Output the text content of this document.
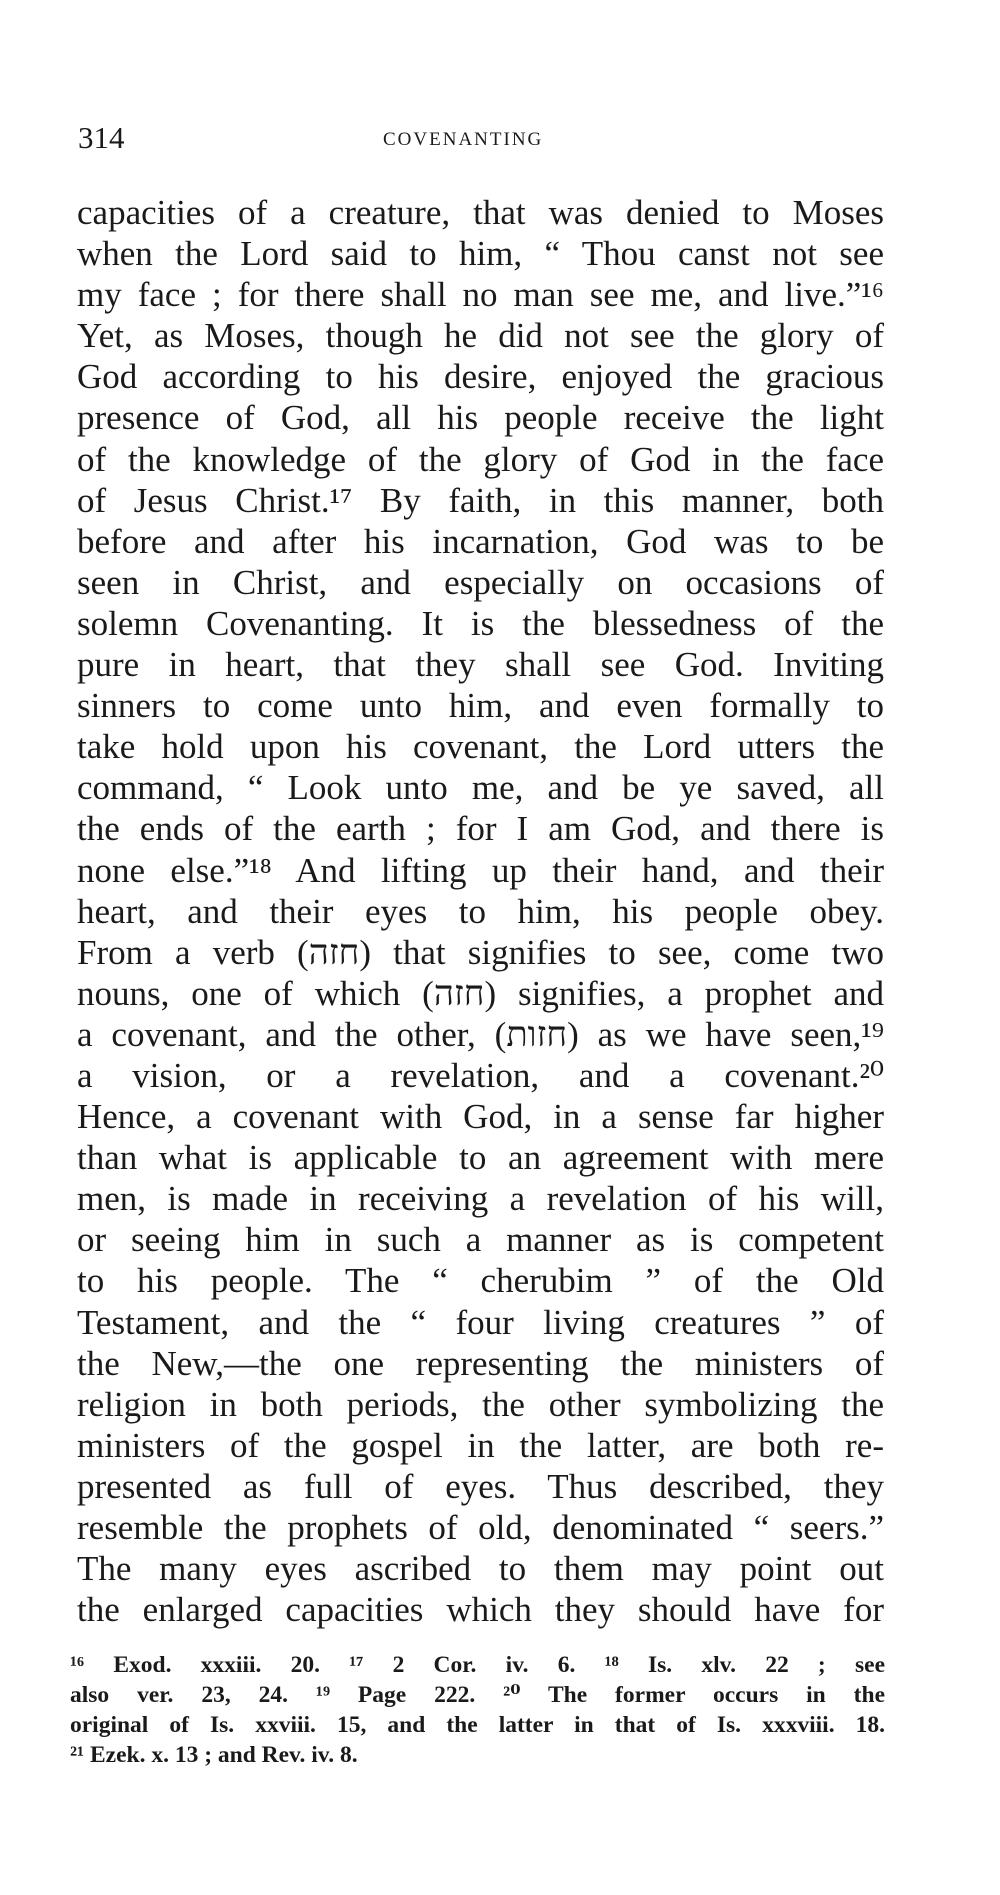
314	COVENANTING
capacities of a creature, that was denied to Moses
when the Lord said to him, “ Thou canst not see
my face ; for there shall no man see me, and live.”¹⁶
Yet, as Moses, though he did not see the glory of
God according to his desire, enjoyed the gracious
presence of God, all his people receive the light
of the knowledge of the glory of God in the face
of Jesus Christ.¹⁷ By faith, in this manner, both
before and after his incarnation, God was to be
seen in Christ, and especially on occasions of
solemn Covenanting. It is the blessedness of the
pure in heart, that they shall see God. Inviting
sinners to come unto him, and even formally to
take hold upon his covenant, the Lord utters the
command, “ Look unto me, and be ye saved, all
the ends of the earth ; for I am God, and there is
none else.”¹⁸ And lifting up their hand, and their
heart, and their eyes to him, his people obey.
From a verb (חזה) that signifies to see, come two
nouns, one of which (חזה) signifies, a prophet and
a covenant, and the other, (חזות) as we have seen,¹⁹
a vision, or a revelation, and a covenant.²⁰
Hence, a covenant with God, in a sense far higher
than what is applicable to an agreement with mere
men, is made in receiving a revelation of his will,
or seeing him in such a manner as is competent
to his people. The “ cherubim ” of the Old
Testament, and the “ four living creatures ” of
the New,—the one representing the ministers of
religion in both periods, the other symbolizing the
ministers of the gospel in the latter, are both re-
presented as full of eyes. Thus described, they
resemble the prophets of old, denominated “ seers.”
The many eyes ascribed to them may point out
the enlarged capacities which they should have for
¹⁶ Exod. xxxiii. 20. ¹⁷ 2 Cor. iv. 6. ¹⁸ Is. xlv. 22 ; see
also ver. 23, 24. ¹⁹ Page 222. ²⁰ The former occurs in the
original of Is. xxviii. 15, and the latter in that of Is. xxxviii. 18.
²¹ Ezek. x. 13 ; and Rev. iv. 8.
